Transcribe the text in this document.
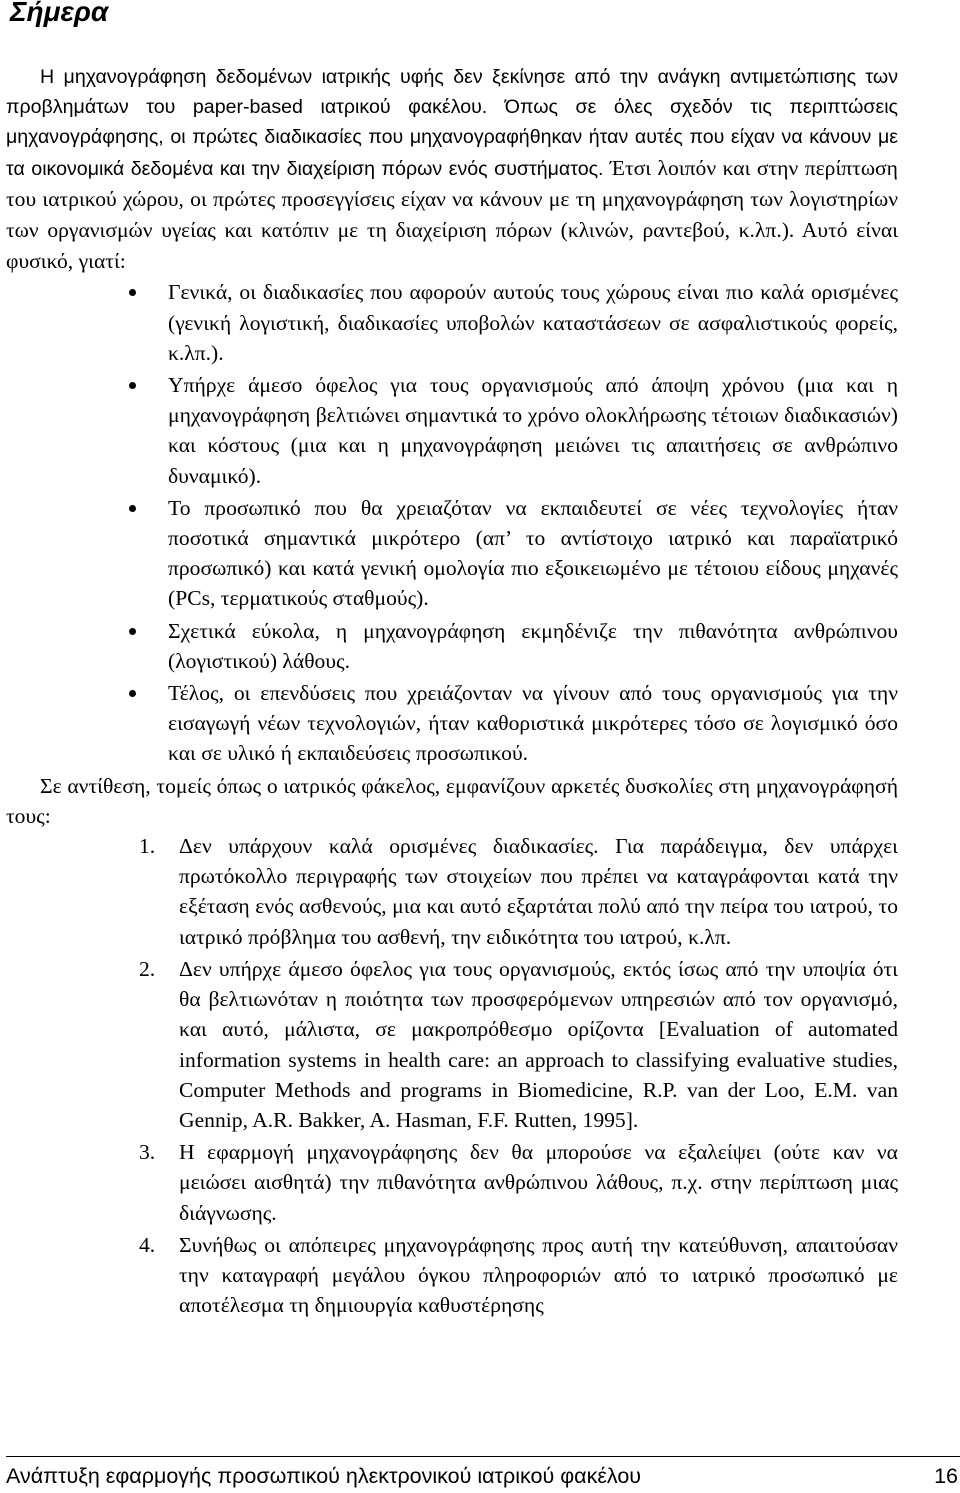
Σήμερα

Η μηχανογράφηση δεδομένων ιατρικής υφής δεν ξεκίνησε από την ανάγκη αντιμετώπισης των προβλημάτων του paper-based ιατρικού φακέλου. Όπως σε όλες σχεδόν τις περιπτώσεις μηχανογράφησης, οι πρώτες διαδικασίες που μηχανογραφήθηκαν ήταν αυτές που είχαν να κάνουν με τα οικονομικά δεδομένα και την διαχείριση πόρων ενός συστήματος. Έτσι λοιπόν και στην περίπτωση του ιατρικού χώρου, οι πρώτες προσεγγίσεις είχαν να κάνουν με τη μηχανογράφηση των λογιστηρίων των οργανισμών υγείας και κατόπιν με τη διαχείριση πόρων (κλινών, ραντεβού, κ.λπ.). Αυτό είναι φυσικό, γιατί:

Γενικά, οι διαδικασίες που αφορούν αυτούς τους χώρους είναι πιο καλά ορισμένες (γενική λογιστική, διαδικασίες υποβολών καταστάσεων σε ασφαλιστικούς φορείς, κ.λπ.).
Υπήρχε άμεσο όφελος για τους οργανισμούς από άποψη χρόνου (μια και η μηχανογράφηση βελτιώνει σημαντικά το χρόνο ολοκλήρωσης τέτοιων διαδικασιών) και κόστους (μια και η μηχανογράφηση μειώνει τις απαιτήσεις σε ανθρώπινο δυναμικό).
Το προσωπικό που θα χρειαζόταν να εκπαιδευτεί σε νέες τεχνολογίες ήταν ποσοτικά σημαντικά μικρότερο (απ’ το αντίστοιχο ιατρικό και παραϊατρικό προσωπικό) και κατά γενική ομολογία πιο εξοικειωμένο με τέτοιου είδους μηχανές (PCs, τερματικούς σταθμούς).
Σχετικά εύκολα, η μηχανογράφηση εκμηδένιζε την πιθανότητα ανθρώπινου (λογιστικού) λάθους.
Τέλος, οι επενδύσεις που χρειάζονταν να γίνουν από τους οργανισμούς για την εισαγωγή νέων τεχνολογιών, ήταν καθοριστικά μικρότερες τόσο σε λογισμικό όσο και σε υλικό ή εκπαιδεύσεις προσωπικού.

Σε αντίθεση, τομείς όπως ο ιατρικός φάκελος, εμφανίζουν αρκετές δυσκολίες στη μηχανογράφησή τους:

1. Δεν υπάρχουν καλά ορισμένες διαδικασίες. Για παράδειγμα, δεν υπάρχει πρωτόκολλο περιγραφής των στοιχείων που πρέπει να καταγράφονται κατά την εξέταση ενός ασθενούς, μια και αυτό εξαρτάται πολύ από την πείρα του ιατρού, το ιατρικό πρόβλημα του ασθενή, την ειδικότητα του ιατρού, κ.λπ.
2. Δεν υπήρχε άμεσο όφελος για τους οργανισμούς, εκτός ίσως από την υποψία ότι θα βελτιωνόταν η ποιότητα των προσφερόμενων υπηρεσιών από τον οργανισμό, και αυτό, μάλιστα, σε μακροπρόθεσμο ορίζοντα [Evaluation of automated information systems in health care: an approach to classifying evaluative studies, Computer Methods and programs in Biomedicine, R.P. van der Loo, E.M. van Gennip, A.R. Bakker, A. Hasman, F.F. Rutten, 1995].
3. Η εφαρμογή μηχανογράφησης δεν θα μπορούσε να εξαλείψει (ούτε καν να μειώσει αισθητά) την πιθανότητα ανθρώπινου λάθους, π.χ. στην περίπτωση μιας διάγνωσης.
4. Συνήθως οι απόπειρες μηχανογράφησης προς αυτή την κατεύθυνση, απαιτούσαν την καταγραφή μεγάλου όγκου πληροφοριών από το ιατρικό προσωπικό με αποτέλεσμα τη δημιουργία καθυστέρησης
Ανάπτυξη εφαρμογής προσωπικού ηλεκτρονικού ιατρικού φακέλου	16
